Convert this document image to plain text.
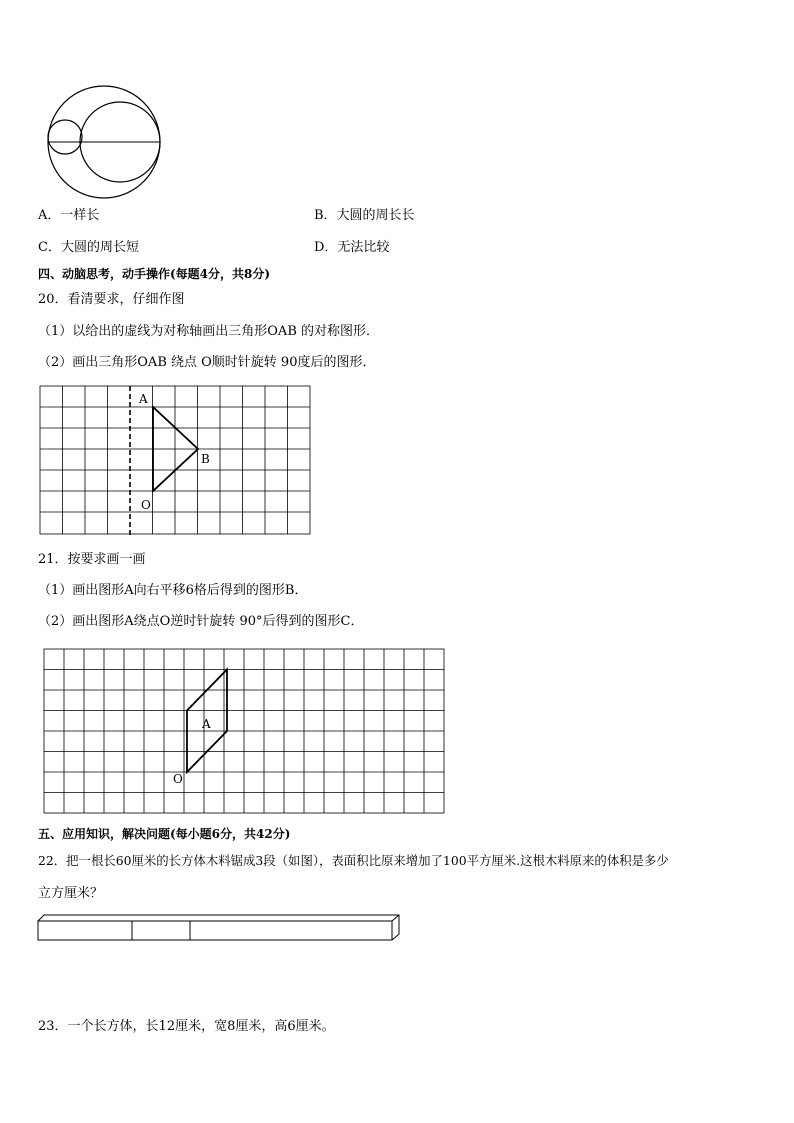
A．一样长	B．大圆的周长长
C．大圆的周长短	D．无法比较
四、动脑思考，动手操作(每题4分，共8分)
20．看清要求，仔细作图
（1）以给出的虚线为对称轴画出三角形OAB 的对称图形．
（2）画出三角形OAB 绕点 O顺时针旋转 90度后的图形．
A
B
O
21．按要求画一画
（1）画出图形A向右平移6格后得到的图形B．
（2）画出图形A绕点O逆时针旋转 90°后得到的图形C．
A
O
五、应用知识，解决问题(每小题6分，共42分)
22．把一根长60厘米的长方体木料锯成3段（如图），表面积比原来增加了100平方厘米.这根木料原来的体积是多少
立方厘米？
23．一个长方体，长12厘米，宽8厘米，高6厘米。
